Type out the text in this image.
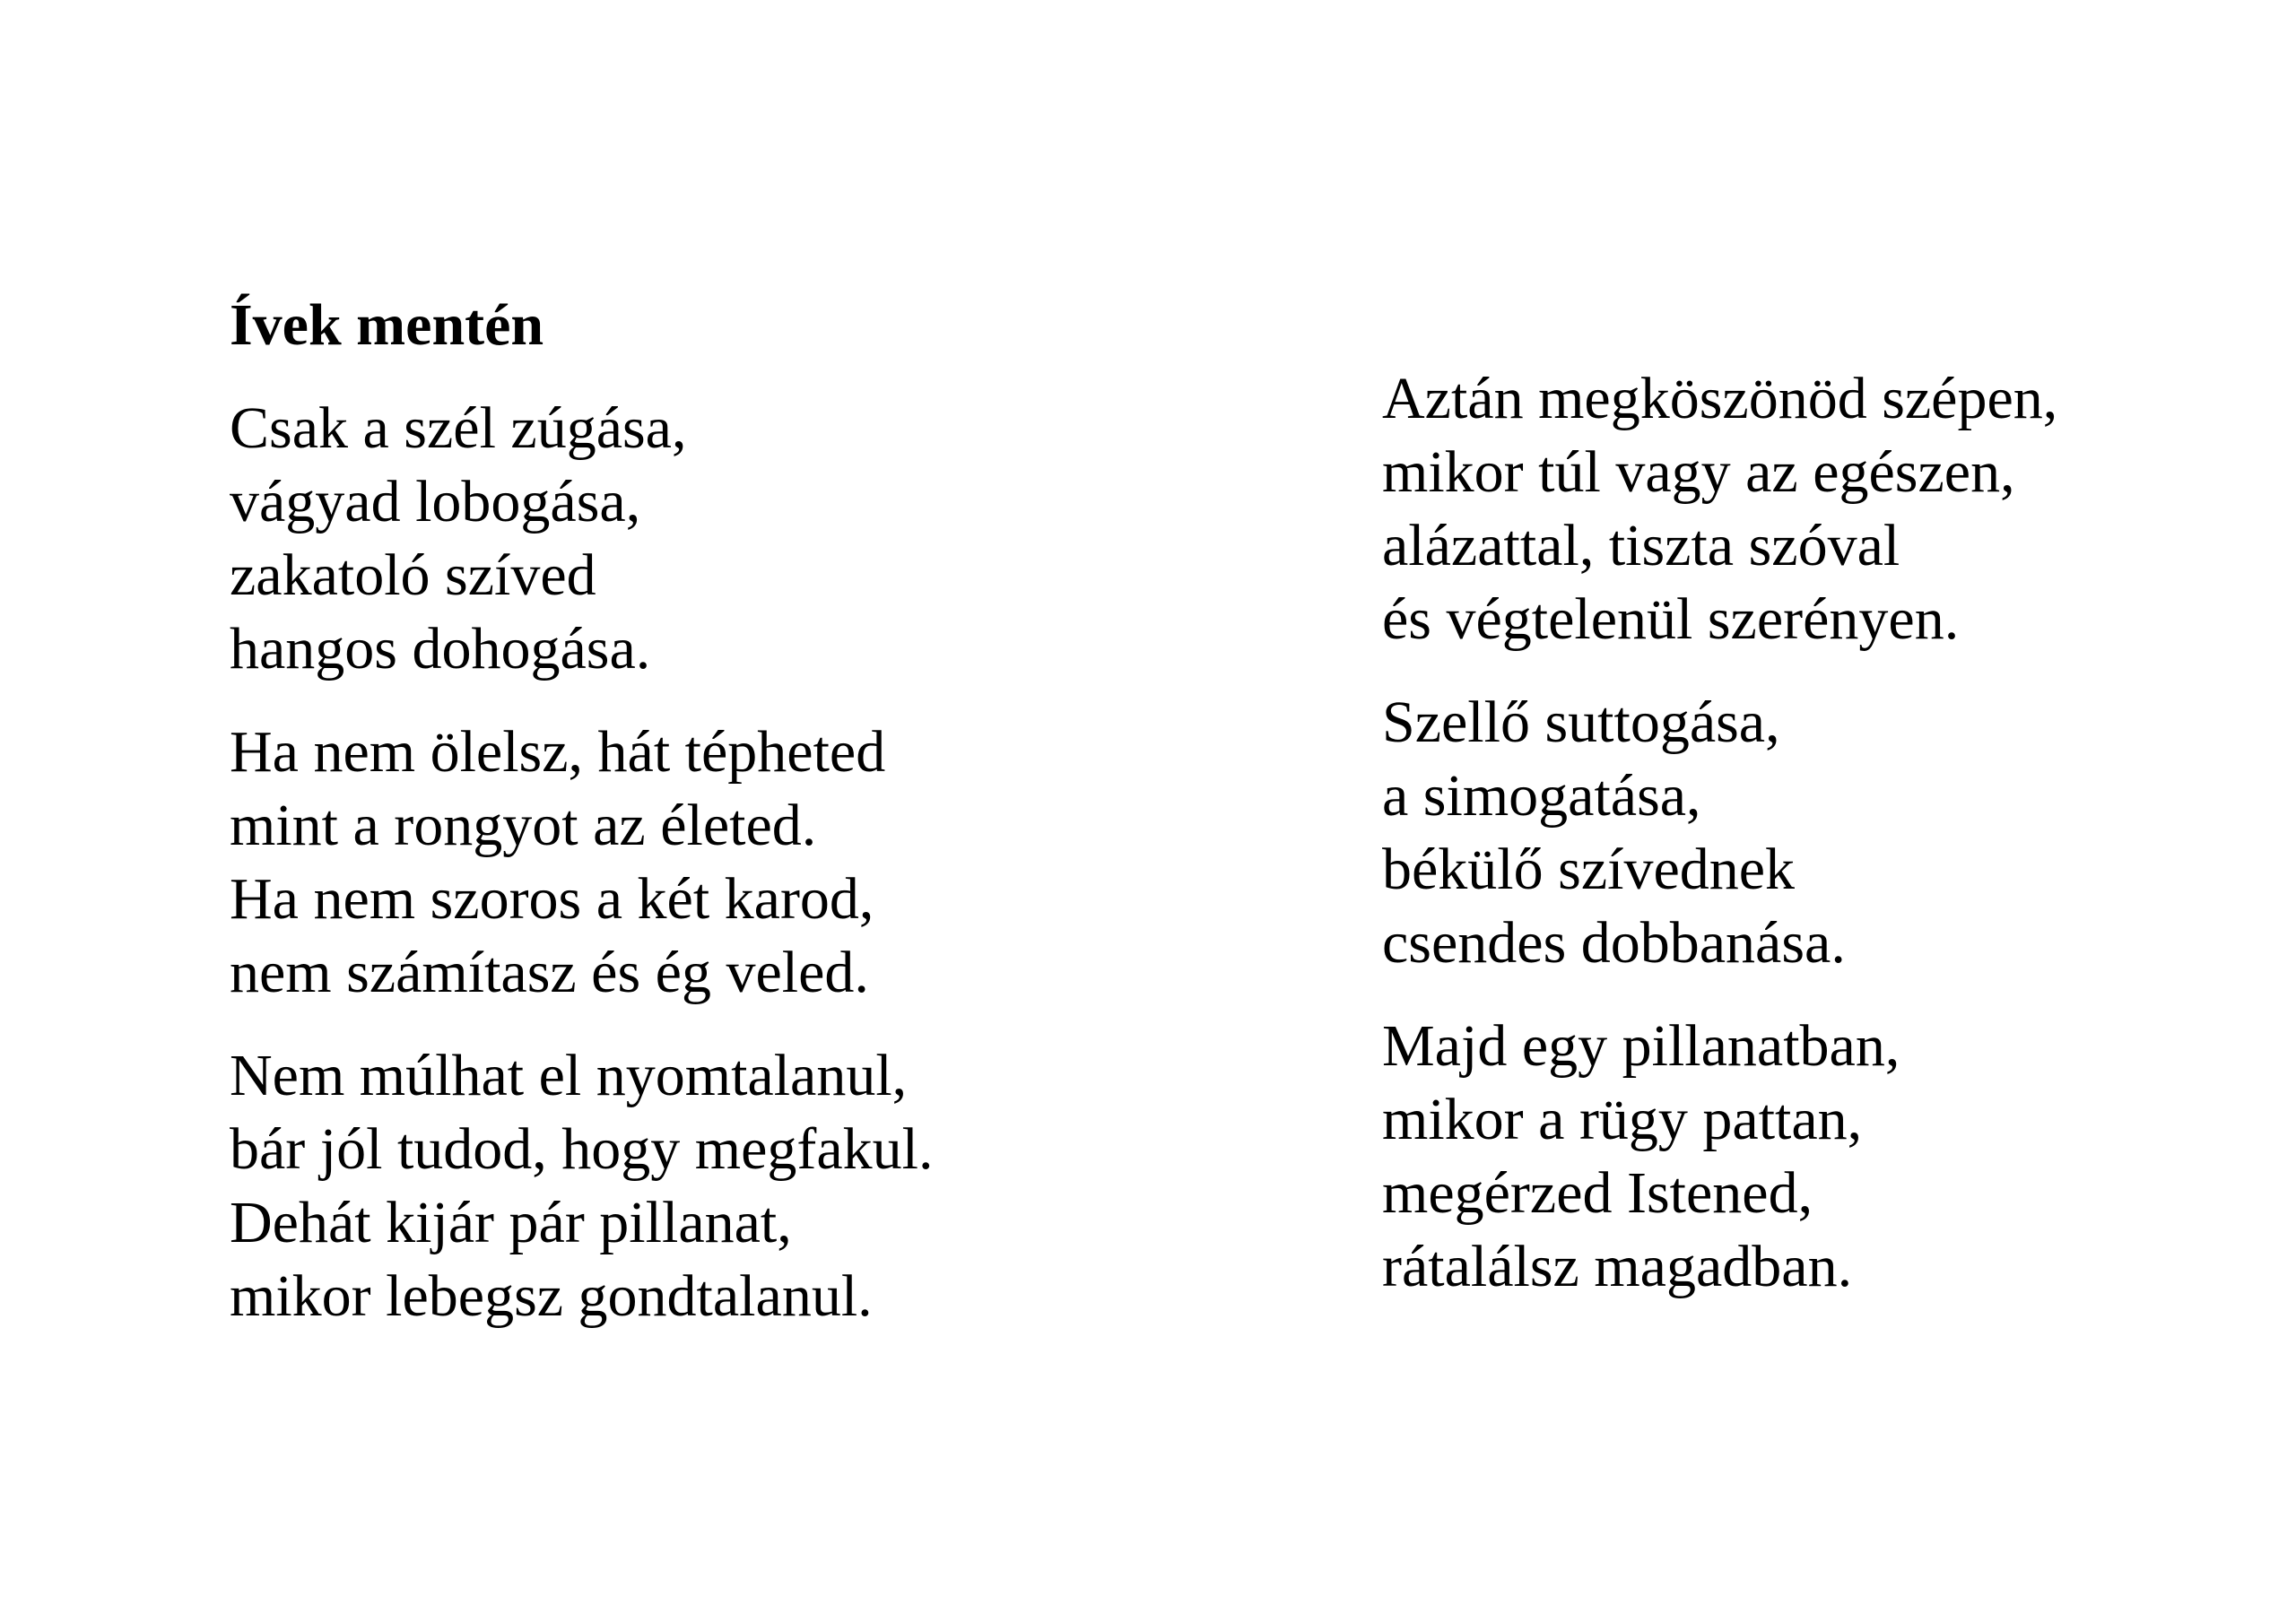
Ívek mentén
Csak a szél zúgása,
vágyad lobogása,
zakatoló szíved
hangos dohogása.
Ha nem ölelsz, hát tépheted
mint a rongyot az életed.
Ha nem szoros a két karod,
nem számítasz és ég veled.
Nem múlhat el nyomtalanul,
bár jól tudod, hogy megfakul.
Dehát kijár pár pillanat,
mikor lebegsz gondtalanul.
Aztán megköszönöd szépen,
mikor túl vagy az egészen,
alázattal, tiszta szóval
és végtelenül szerényen.
Szellő suttogása,
a simogatása,
békülő szívednek
csendes dobbanása.
Majd egy pillanatban,
mikor a rügy pattan,
megérzed Istened,
rátalálsz magadban.
